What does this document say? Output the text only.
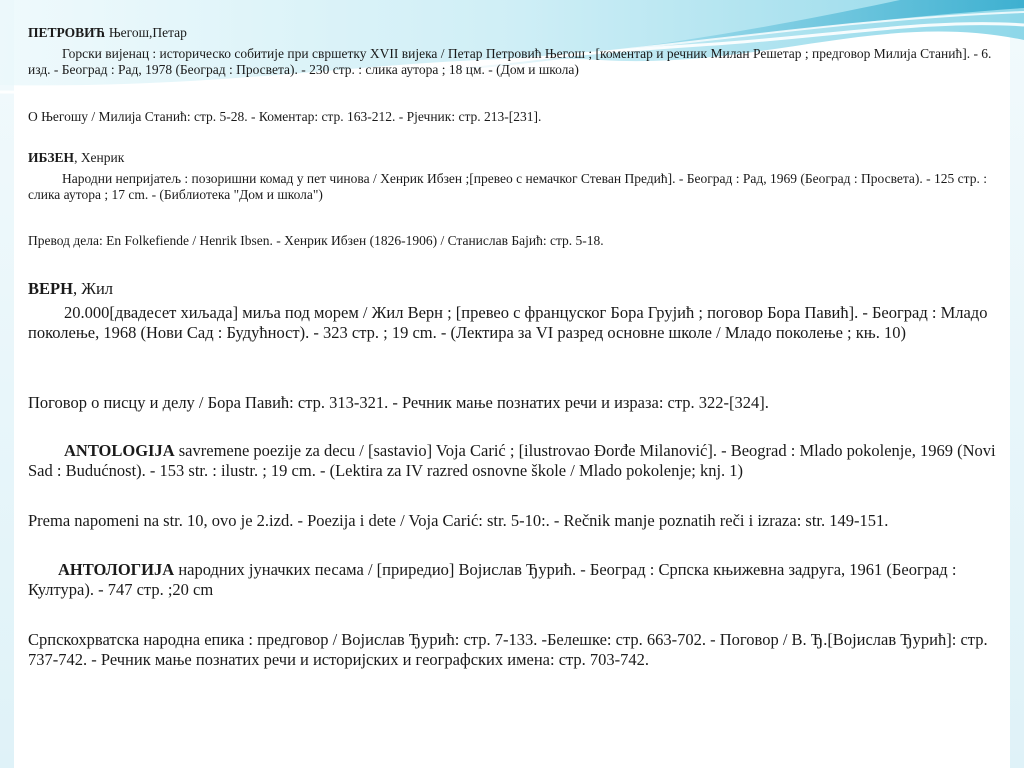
ПЕТРОВИЋ Његош,Петар

Горски вијенац : историческо собитије при свршетку XVII вијека / Петар Петровић Његош ; [коментар и речник Милан Решетар ; предговор Милија Станић]. - 6. изд. - Београд : Рад, 1978 (Београд : Просвета). - 230 стр. : слика аутора ; 18 цм. - (Дом и школа)

О Његошу / Милија Станић: стр. 5-28. - Коментар: стр. 163-212. - Рјечник: стр. 213-[231].

ИБЗЕН, Хенрик

Народни непријатељ : позоришни комад у пет чинова / Хенрик Ибзен ;[превео с немачког Стеван Предић]. - Београд : Рад, 1969 (Београд : Просвета). - 125 стр. : слика аутора ; 17 cm. - (Библиотека "Дом и школа")

Превод дела: En Folkefiende / Henrik Ibsen. - Хенрик Ибзен (1826-1906) / Станислав Бајић: стр. 5-18.

ВЕРН, Жил

20.000[двадесет хиљада] миља под морем / Жил Верн ; [превео с француског Бора Грујић ; поговор Бора Павић]. - Београд : Младо поколење, 1968 (Нови Сад : Будућност). - 323 стр. ; 19 cm. - (Лектира за VI разред основне школе / Младо поколење ; књ. 10)

Поговор о писцу и делу / Бора Павић: стр. 313-321. - Речник мање познатих речи и израза: стр. 322-[324].

ANTOLOGIJA savremene poezije za decu / [sastavio] Voja Carić ; [ilustrovao Đorđe Milanović]. - Beograd : Mlado pokolenje, 1969 (Novi Sad : Budućnost). - 153 str. : ilustr. ; 19 cm. - (Lektira za IV razred osnovne škole / Mlado pokolenje; knj. 1)

Prema napomeni na str. 10, ovo je 2.izd. - Poezija i dete / Voja Carić: str. 5-10:. - Rečnik manje poznatih reči i izraza: str. 149-151.

АНТОЛОГИЈА народних јуначких песама / [приредио] Војислав Ђурић. - Београд : Српска књижевна задруга, 1961 (Београд : Култура). - 747 стр. ;20 cm

Српскохрватска народна епика : предговор / Војислав Ђурић: стр. 7-133. -Белешке: стр. 663-702. - Поговор / В. Ђ.[Војислав Ђурић]: стр. 737-742. - Речник мање познатих речи и историјских и географских имена: стр. 703-742.
